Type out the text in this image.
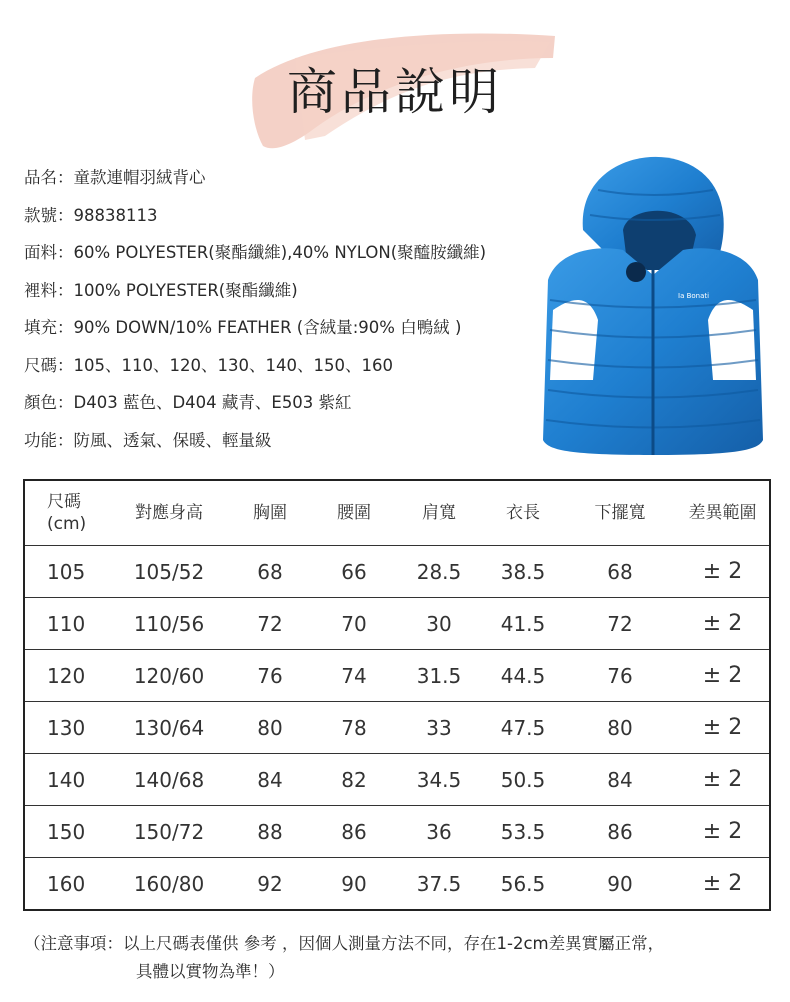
商品說明
品名：童款連帽羽絨背心
款號：98838113
面料：60% POLYESTER(聚酯纖維),40% NYLON(聚醯胺纖維)
裡料：100% POLYESTER(聚酯纖維)
填充：90% DOWN/10% FEATHER (含絨量:90% 白鴨絨 )
尺碼：105、110、120、130、140、150、160
顏色：D403 藍色、D404 藏青、E503 紫紅
功能：防風、透氣、保暖、輕量級
Ia Bonati
尺碼
(cm)	對應身高	胸圍	腰圍	肩寬	衣長	下擺寬	差異範圍
105	105/52	68	66	28.5	38.5	68	± 2
110	110/56	72	70	30	41.5	72	± 2
120	120/60	76	74	31.5	44.5	76	± 2
130	130/64	80	78	33	47.5	80	± 2
140	140/68	84	82	34.5	50.5	84	± 2
150	150/72	88	86	36	53.5	86	± 2
160	160/80	92	90	37.5	56.5	90	± 2
（注意事項：以上尺碼表僅供 參考 ，因個人測量方法不同，存在1-2cm差異實屬正常，
具體以實物為準！）
